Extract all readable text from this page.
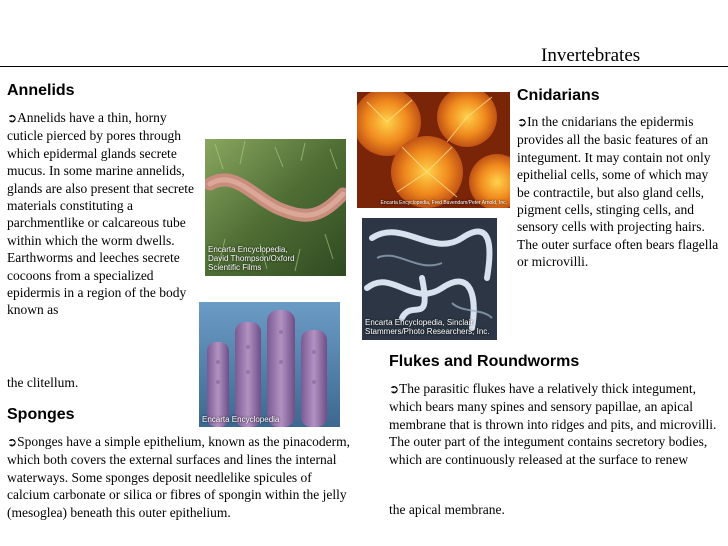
Invertebrates
Annelids

➲Annelids have a thin, horny cuticle pierced by pores through which epidermal glands secrete mucus. In some marine annelids, glands are also present that secrete materials constituting a parchmentlike or calcareous tube within which the worm dwells. Earthworms and leeches secrete cocoons from a specialized epidermis in a region of the body known as

the clitellum.

Sponges

➲Sponges have a simple epithelium, known as the pinacoderm, which both covers the external surfaces and lines the internal waterways. Some sponges deposit needlelike spicules of calcium carbonate or silica or fibres of spongin within the jelly (mesoglea) beneath this outer epithelium.

Cnidarians

➲In the cnidarians the epidermis provides all the basic features of an integument. It may contain not only epithelial cells, some of which may be contractile, but also gland cells, pigment cells, stinging cells, and sensory cells with projecting hairs. The outer surface often bears flagella or microvilli.

Flukes and Roundworms

➲The parasitic flukes have a relatively thick integument, which bears many spines and sensory papillae, an apical membrane that is thrown into ridges and pits, and microvilli. The outer part of the integument contains secretory bodies, which are continuously released at the surface to renew

the apical membrane.

Encarta Encyclopedia, David Thompson/Oxford Scientific Films
Encarta Encyclopedia
Encarta Encyclopedia, Fred Bavendam/Peter Arnold, Inc.
Encarta Encyclopedia, Sinclair Stammers/Photo Researchers, Inc.
